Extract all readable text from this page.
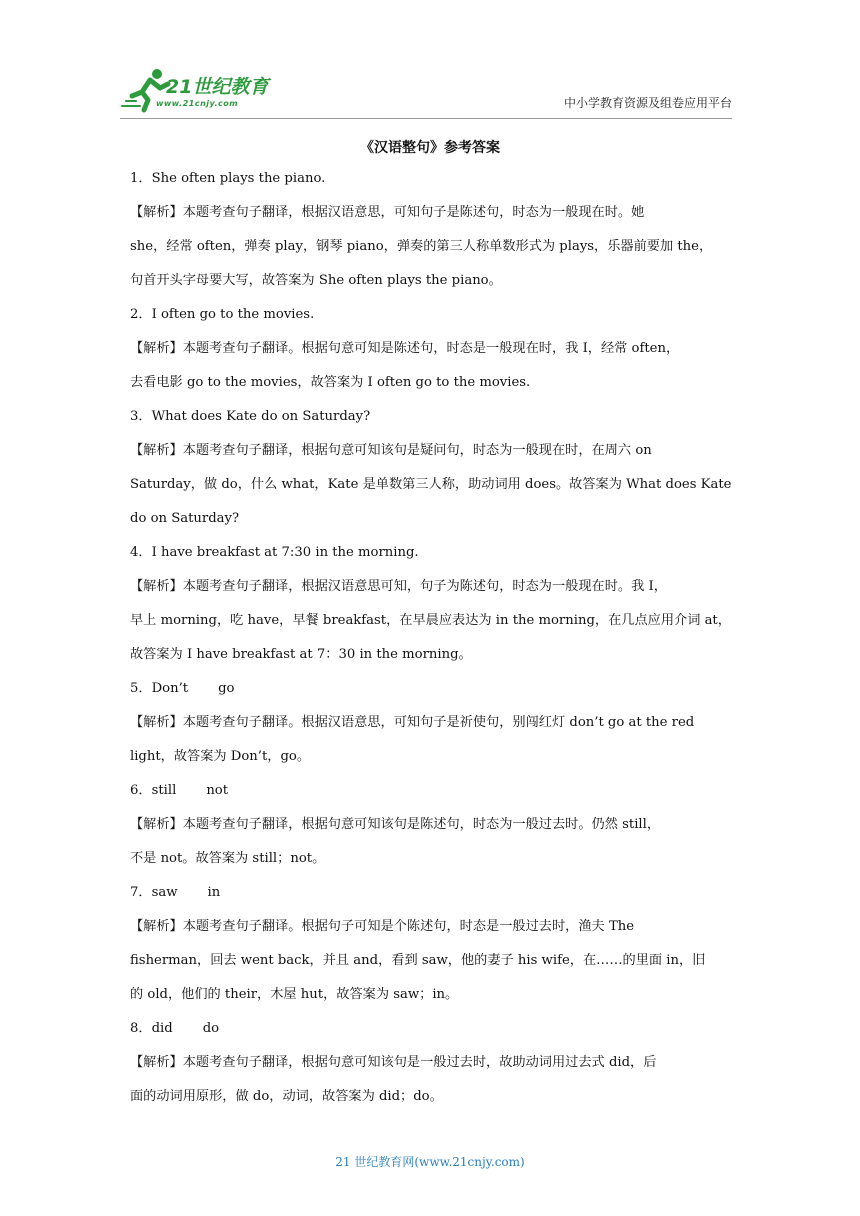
21世纪教育
www.21cnjy.com	中小学教育资源及组卷应用平台
《汉语整句》参考答案
1．She often plays the piano.
【解析】本题考查句子翻译，根据汉语意思，可知句子是陈述句，时态为一般现在时。她
she，经常 often，弹奏 play，钢琴 piano，弹奏的第三人称单数形式为 plays，乐器前要加 the，
句首开头字母要大写，故答案为 She often plays the piano。
2．I often go to the movies.
【解析】本题考查句子翻译。根据句意可知是陈述句，时态是一般现在时，我 I，经常 often，
去看电影 go to the movies，故答案为 I often go to the movies.
3．What does Kate do on Saturday?
【解析】本题考查句子翻译，根据句意可知该句是疑问句，时态为一般现在时，在周六 on
Saturday，做 do，什么 what，Kate 是单数第三人称，助动词用 does。故答案为 What does Kate
do on Saturday?
4．I have breakfast at 7:30 in the morning.
【解析】本题考查句子翻译，根据汉语意思可知，句子为陈述句，时态为一般现在时。我 I，
早上 morning，吃 have，早餐 breakfast，在早晨应表达为 in the morning，在几点应用介词 at，
故答案为 I have breakfast at 7：30 in the morning。
5．Don’t go
【解析】本题考查句子翻译。根据汉语意思，可知句子是祈使句，别闯红灯 don’t go at the red
light，故答案为 Don’t，go。
6．still not
【解析】本题考查句子翻译，根据句意可知该句是陈述句，时态为一般过去时。仍然 still，
不是 not。故答案为 still；not。
7．saw in
【解析】本题考查句子翻译。根据句子可知是个陈述句，时态是一般过去时，渔夫 The
fisherman，回去 went back，并且 and，看到 saw，他的妻子 his wife，在……的里面 in，旧
的 old，他们的 their，木屋 hut，故答案为 saw；in。
8．did do
【解析】本题考查句子翻译，根据句意可知该句是一般过去时，故助动词用过去式 did，后
面的动词用原形，做 do，动词，故答案为 did；do。
21 世纪教育网(www.21cnjy.com)
